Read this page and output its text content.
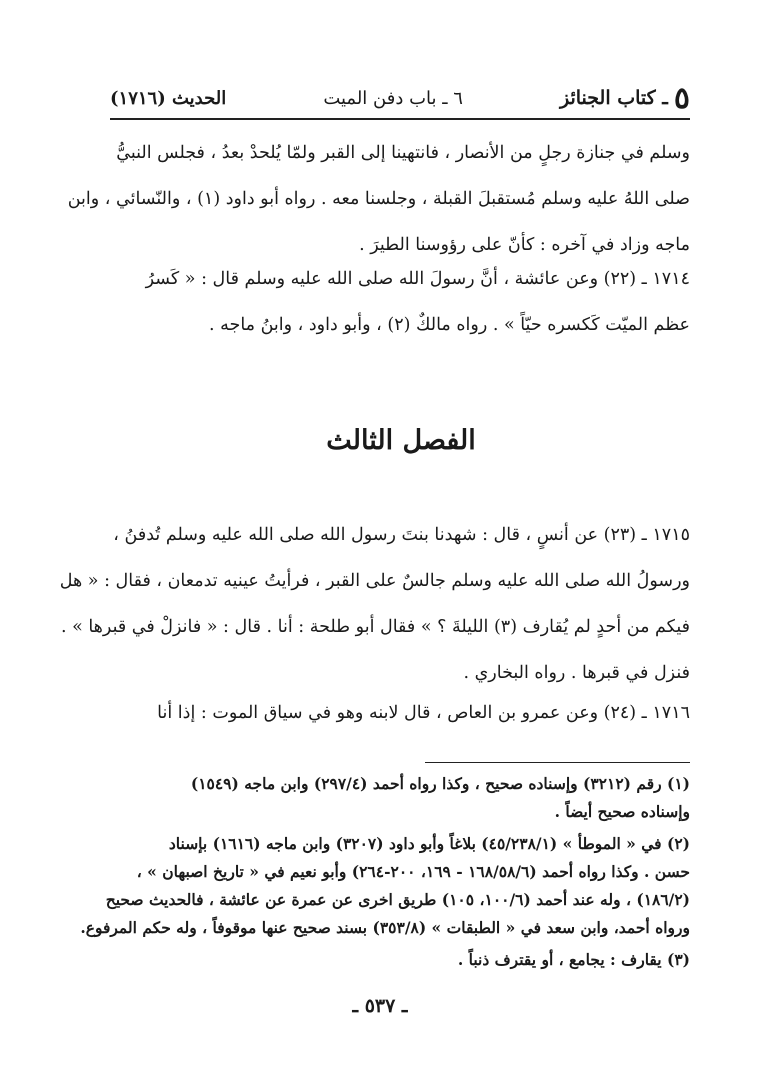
٥
ـ كتاب الجنائز
٦ ـ باب دفن الميت
الحديث (١٧١٦)
وسلم في جنازة رجلٍ من الأنصار ، فانتهينا إلى القبر ولمّا يُلحدْ بعدُ ، فجلس النبيُّ
صلى اللهُ عليه وسلم مُستقبلَ القبلة ، وجلسنا معه . رواه أبو داود (١) ، والنّسائي ، وابن
ماجه وزاد في آخره : كأنّ على رؤوسنا الطيرَ .
١٧١٤ ـ (٢٢) وعن عائشة ، أنَّ رسولَ الله صلى الله عليه وسلم قال : « كَسرُ
عظم الميّت كَكسره حيّاً » . رواه مالكٌ (٢) ، وأبو داود ، وابنُ ماجه .
الفصل الثالث
١٧١٥ ـ (٢٣) عن أنسٍ ، قال : شهدنا بنتَ رسول الله صلى الله عليه وسلم تُدفنُ ،
ورسولُ الله صلى الله عليه وسلم جالسٌ على القبر ، فرأيتُ عينيه تدمعان ، فقال : « هل
فيكم من أحدٍ لم يُقارف (٣) الليلةَ ؟ » فقال أبو طلحة : أنا . قال : « فانزلْ في قبرها » .
فنزل في قبرها . رواه البخاري .
١٧١٦ ـ (٢٤) وعن عمرو بن العاص ، قال لابنه وهو في سياق الموت : إذا أنا
(١) رقم (٣٢١٢) وإسناده صحيح ، وكذا رواه أحمد (٢٩٧/٤) وابن ماجه (١٥٤٩)
وإسناده صحيح أيضاً .
(٢) في « الموطأ » (٤٥/٢٣٨/١) بلاغاً وأبو داود (٣٢٠٧) وابن ماجه (١٦١٦) بإسناد
حسن . وكذا رواه أحمد (١٦٨/٥٨/٦ - ١٦٩، ٢٠٠-٢٦٤) وأبو نعيم في « تاريخ اصبهان » ،
(١٨٦/٢) ، وله عند أحمد (١٠٠/٦، ١٠٥) طريق اخرى عن عمرة عن عائشة ، فالحديث صحيح
ورواه أحمد، وابن سعد في « الطبقات » (٣٥٣/٨) بسند صحيح عنها موقوفاً ، وله حكم المرفوع.
(٣) يقارف : يجامع ، أو يقترف ذنباً .
ـ ٥٣٧ ـ
